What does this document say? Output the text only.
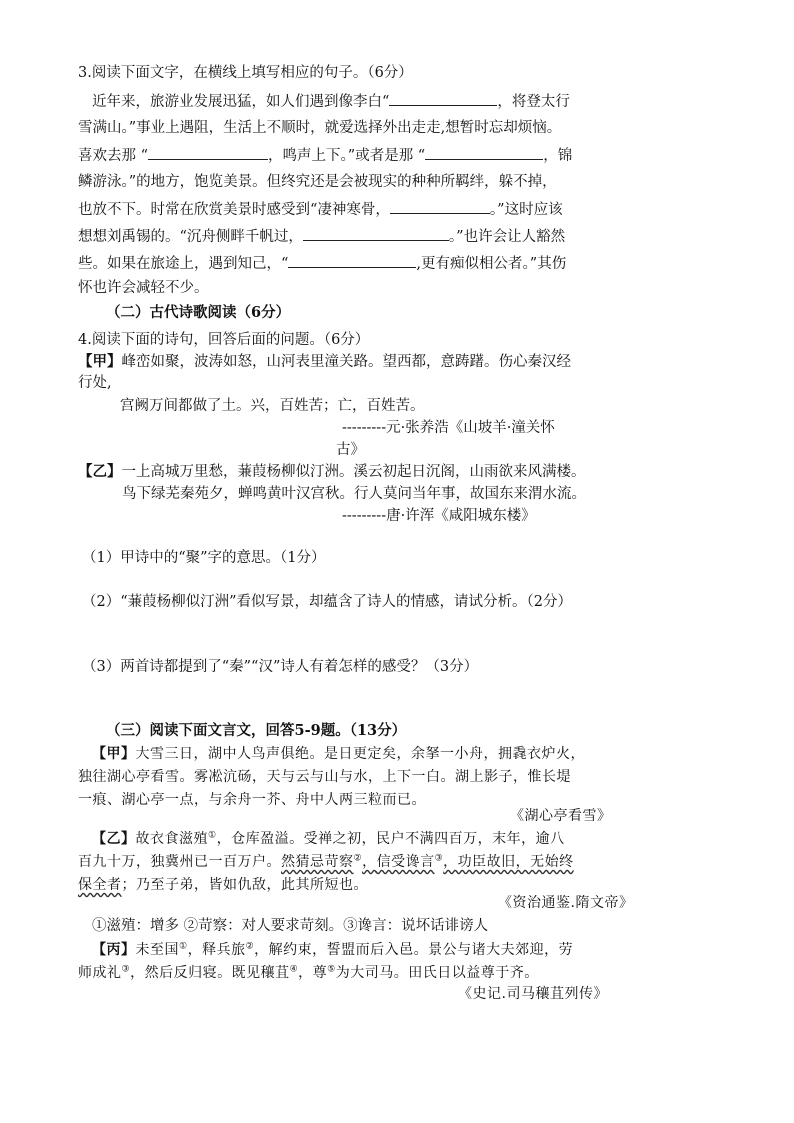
3.阅读下面文字，在横线上填写相应的句子。（6分）
近年来，旅游业发展迅猛，如人们遇到像李白“	，将登太行
雪满山。”事业上遇阻，生活上不顺时，就爱选择外出走走,想暂时忘却烦恼。
喜欢去那 “	，鸣声上下。”或者是那 “	，锦
鳞游泳。”的地方，饱览美景。但终究还是会被现实的种种所羁绊，躲不掉，
也放不下。时常在欣赏美景时感受到“凄神寒骨，	。”这时应该
想想刘禹锡的。“沉舟侧畔千帆过，	。”也许会让人豁然
些。如果在旅途上，遇到知己，“	,更有痴似相公者。”其伤
怀也许会减轻不少。
（二）古代诗歌阅读（6分）
4.阅读下面的诗句，回答后面的问题。（6分）
【甲】峰峦如聚，波涛如怒，山河表里潼关路。望西都，意踌躇。伤心秦汉经
行处,
宫阙万间都做了土。兴，百姓苦；亡，百姓苦。
---------元·张养浩《山坡羊·潼关怀
古》
【乙】一上高城万里愁，蒹葭杨柳似汀洲。溪云初起日沉阁，山雨欲来风满楼。
鸟下绿芜秦苑夕，蝉鸣黄叶汉宫秋。行人莫问当年事，故国东来渭水流。
---------唐·许浑《咸阳城东楼》
（1）甲诗中的“聚”字的意思。（1分）
（2）“蒹葭杨柳似汀洲”看似写景，却蕴含了诗人的情感，请试分析。（2分）
（3）两首诗都提到了“秦”“汉”诗人有着怎样的感受？（3分）
（三）阅读下面文言文，回答5-9题。（13分）
【甲】大雪三日，湖中人鸟声俱绝。是日更定矣，余拏一小舟，拥毳衣炉火，
独往湖心亭看雪。雾凇沆砀，天与云与山与水，上下一白。湖上影子，惟长堤
一痕、湖心亭一点，与余舟一芥、舟中人两三粒而已。
《湖心亭看雪》
【乙】故衣食滋殖①，仓库盈溢。受禅之初，民户不满四百万，末年，逾八
百九十万，独冀州已一百万户。然猜忌苛察②，信受谗言③，功臣故旧，无始终
保全者；乃至子弟，皆如仇敌，此其所短也。
《资治通鉴.隋文帝》
①滋殖：增多 ②苛察：对人要求苛刻。③谗言：说坏话诽谤人
【丙】未至国①，释兵旅②，解约束，誓盟而后入邑。景公与诸大夫郊迎，劳
师成礼③，然后反归寝。既见穰苴④，尊⑤为大司马。田氏日以益尊于齐。
《史记.司马穰苴列传》
